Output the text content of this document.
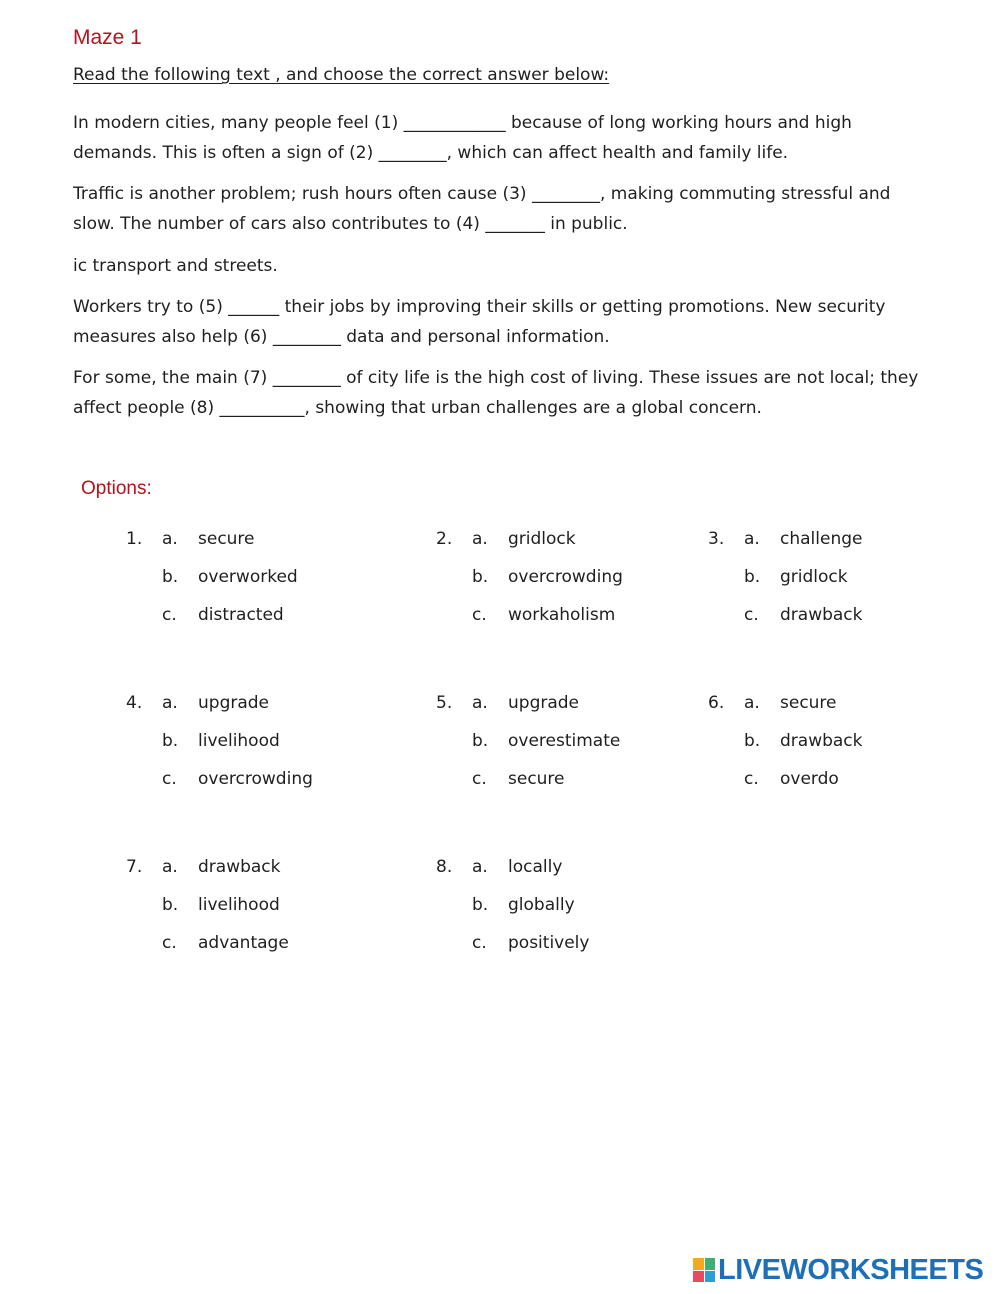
Maze 1

Read the following text , and choose the correct answer below:

In modern cities, many people feel (1) ____________ because of long working hours and high demands. This is often a sign of (2) ________, which can affect health and family life.

Traffic is another problem; rush hours often cause (3) ________, making commuting stressful and slow. The number of cars also contributes to (4) _______ in public.

ic transport and streets.

Workers try to (5) ______ their jobs by improving their skills or getting promotions. New security measures also help (6) ________ data and personal information.

For some, the main (7) ________ of city life is the high cost of living. These issues are not local; they affect people (8) __________, showing that urban challenges are a global concern.

Options:
1. a. secure
b. overworked
c. distracted
2. a. gridlock
b. overcrowding
c. workaholism
3. a. challenge
b. gridlock
c. drawback
4. a. upgrade
b. livelihood
c. overcrowding
5. a. upgrade
b. overestimate
c. secure
6. a. secure
b. drawback
c. overdo
7. a. drawback
b. livelihood
c. advantage
8. a. locally
b. globally
c. positively
LIVEWORKSHEETS
